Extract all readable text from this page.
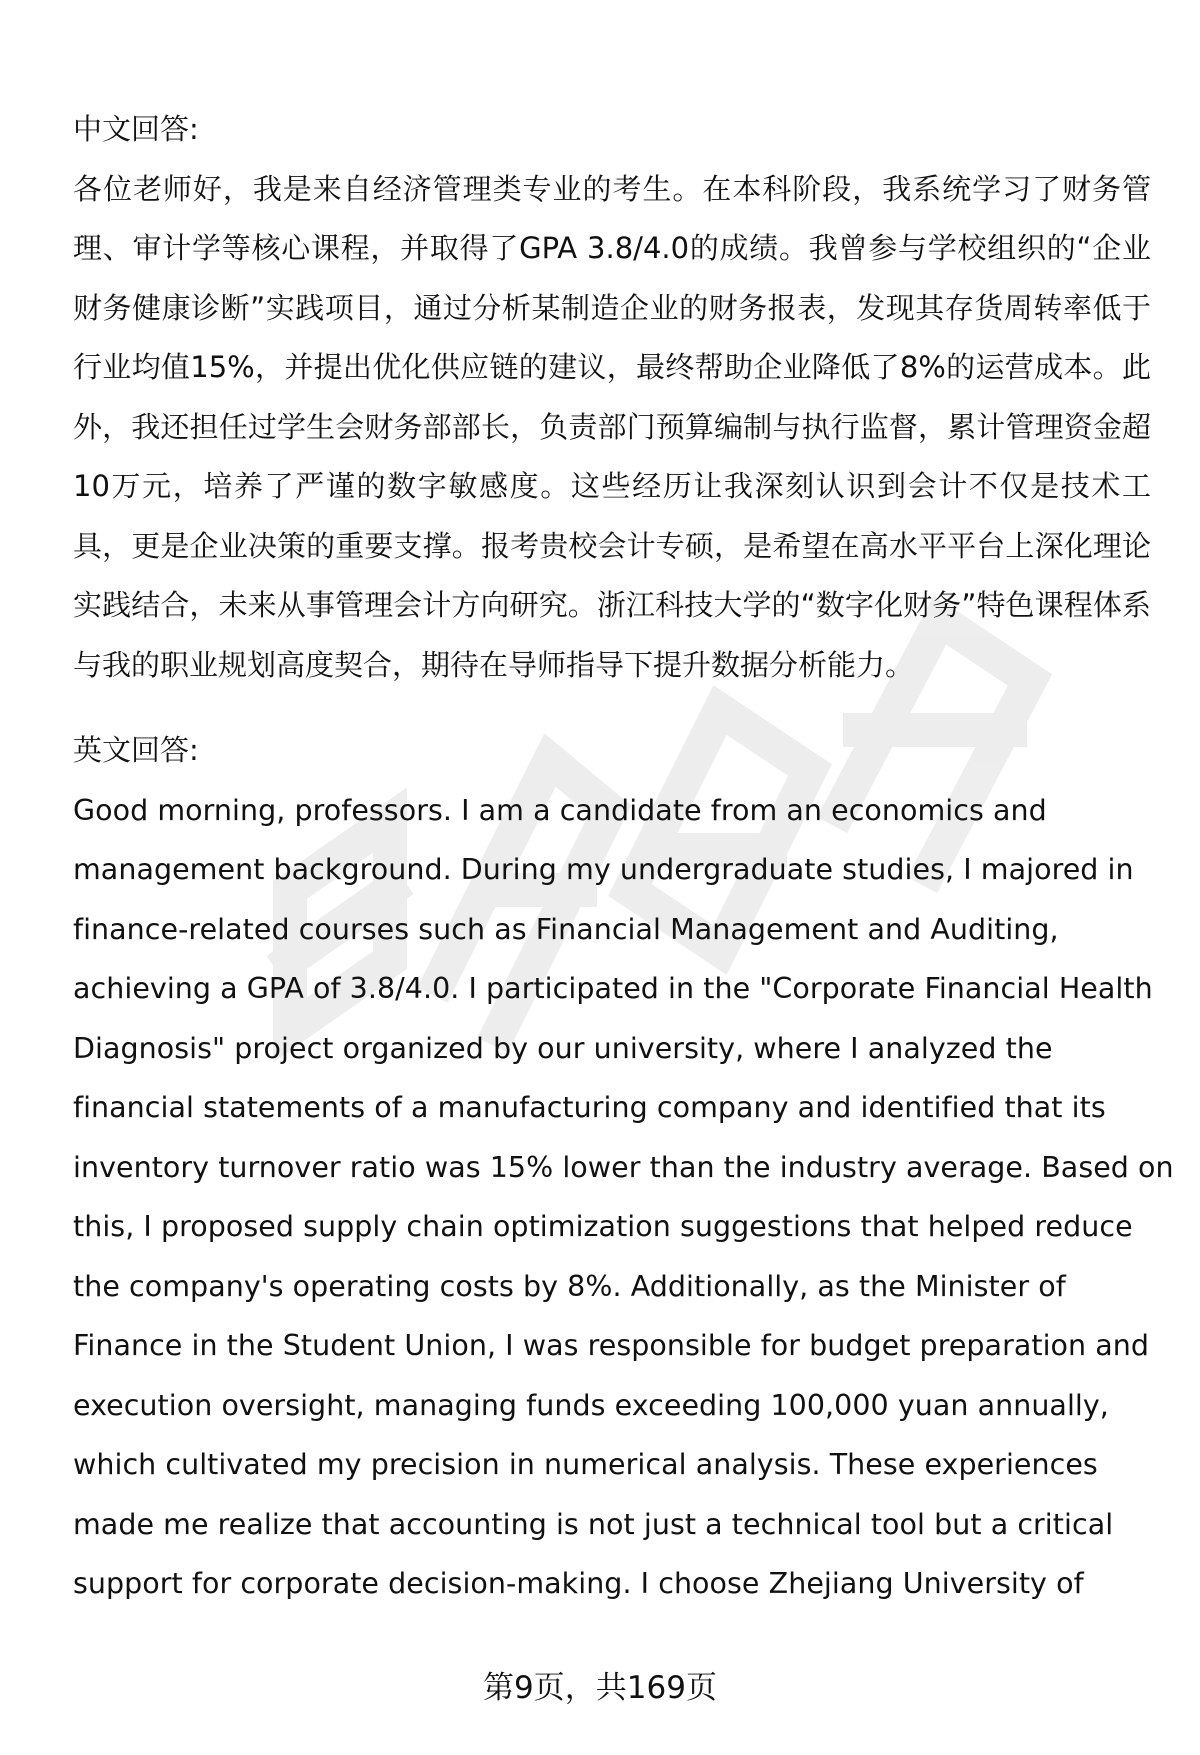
中文回答:

各位老师好，我是来自经济管理类专业的考生。在本科阶段，我系统学习了财务管理、审计学等核心课程，并取得了GPA 3.8/4.0的成绩。我曾参与学校组织的“企业财务健康诊断”实践项目，通过分析某制造企业的财务报表，发现其存货周转率低于行业均值15%，并提出优化供应链的建议，最终帮助企业降低了8%的运营成本。此外，我还担任过学生会财务部部长，负责部门预算编制与执行监督，累计管理资金超10万元，培养了严谨的数字敏感度。这些经历让我深刻认识到会计不仅是技术工具，更是企业决策的重要支撑。报考贵校会计专硕，是希望在高水平平台上深化理论实践结合，未来从事管理会计方向研究。浙江科技大学的“数字化财务”特色课程体系与我的职业规划高度契合，期待在导师指导下提升数据分析能力。

英文回答:

Good morning, professors. I am a candidate from an economics and
management background. During my undergraduate studies, I majored in
finance-related courses such as Financial Management and Auditing,
achieving a GPA of 3.8/4.0. I participated in the "Corporate Financial Health
Diagnosis" project organized by our university, where I analyzed the
financial statements of a manufacturing company and identified that its
inventory turnover ratio was 15% lower than the industry average. Based on
this, I proposed supply chain optimization suggestions that helped reduce
the company's operating costs by 8%. Additionally, as the Minister of
Finance in the Student Union, I was responsible for budget preparation and
execution oversight, managing funds exceeding 100,000 yuan annually,
which cultivated my precision in numerical analysis. These experiences
made me realize that accounting is not just a technical tool but a critical
support for corporate decision-making. I choose Zhejiang University of
第9页，共169页
